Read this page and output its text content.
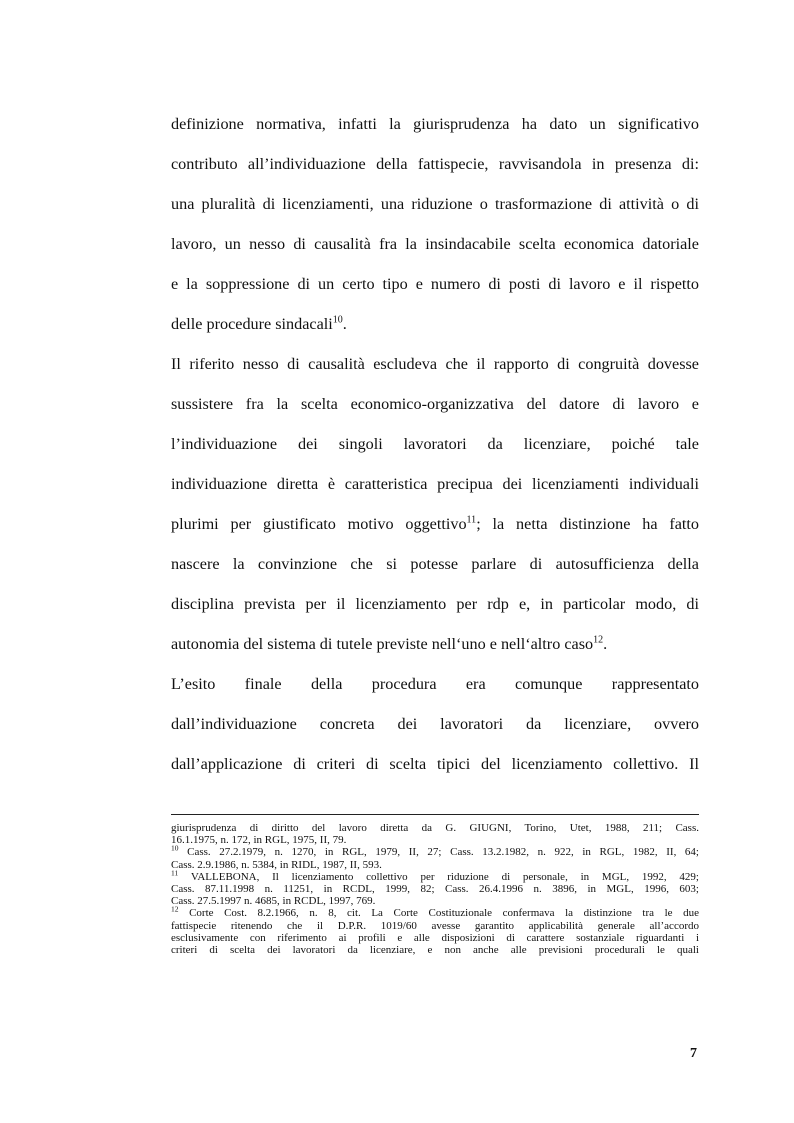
definizione normativa, infatti la giurisprudenza ha dato un significativo
contributo all’individuazione della fattispecie, ravvisandola in presenza di:
una pluralità di licenziamenti, una riduzione o trasformazione di attività o di
lavoro, un nesso di causalità fra la insindacabile scelta economica datoriale
e la soppressione di un certo tipo e numero di posti di lavoro e il rispetto
delle procedure sindacali$^{10}$.
Il riferito nesso di causalità escludeva che il rapporto di congruità dovesse
sussistere fra la scelta economico-organizzativa del datore di lavoro e
l’individuazione dei singoli lavoratori da licenziare, poiché tale
individuazione diretta è caratteristica precipua dei licenziamenti individuali
plurimi per giustificato motivo oggettivo$^{11}$; la netta distinzione ha fatto
nascere la convinzione che si potesse parlare di autosufficienza della
disciplina prevista per il licenziamento per rdp e, in particolar modo, di
autonomia del sistema di tutele previste nell‘uno e nell‘altro caso$^{12}$.
L’esito finale della procedura era comunque rappresentato
dall’individuazione concreta dei lavoratori da licenziare, ovvero
dall’applicazione di criteri di scelta tipici del licenziamento collettivo. Il
giurisprudenza di diritto del lavoro diretta da G. GIUGNI, Torino, Utet, 1988, 211; Cass.
16.1.1975, n. 172, in RGL, 1975, II, 79.
$^{10}$ Cass. 27.2.1979, n. 1270, in RGL, 1979, II, 27; Cass. 13.2.1982, n. 922, in RGL, 1982, II, 64;
Cass. 2.9.1986, n. 5384, in RIDL, 1987, II, 593.
$^{11}$ VALLEBONA, Il licenziamento collettivo per riduzione di personale, in MGL, 1992, 429;
Cass. 87.11.1998 n. 11251, in RCDL, 1999, 82; Cass. 26.4.1996 n. 3896, in MGL, 1996, 603;
Cass. 27.5.1997 n. 4685, in RCDL, 1997, 769.
$^{12}$ Corte Cost. 8.2.1966, n. 8, cit. La Corte Costituzionale confermava la distinzione tra le due
fattispecie ritenendo che il D.P.R. 1019/60 avesse garantito applicabilità generale all’accordo
esclusivamente con riferimento ai profili e alle disposizioni di carattere sostanziale riguardanti i
criteri di scelta dei lavoratori da licenziare, e non anche alle previsioni procedurali le quali
7
